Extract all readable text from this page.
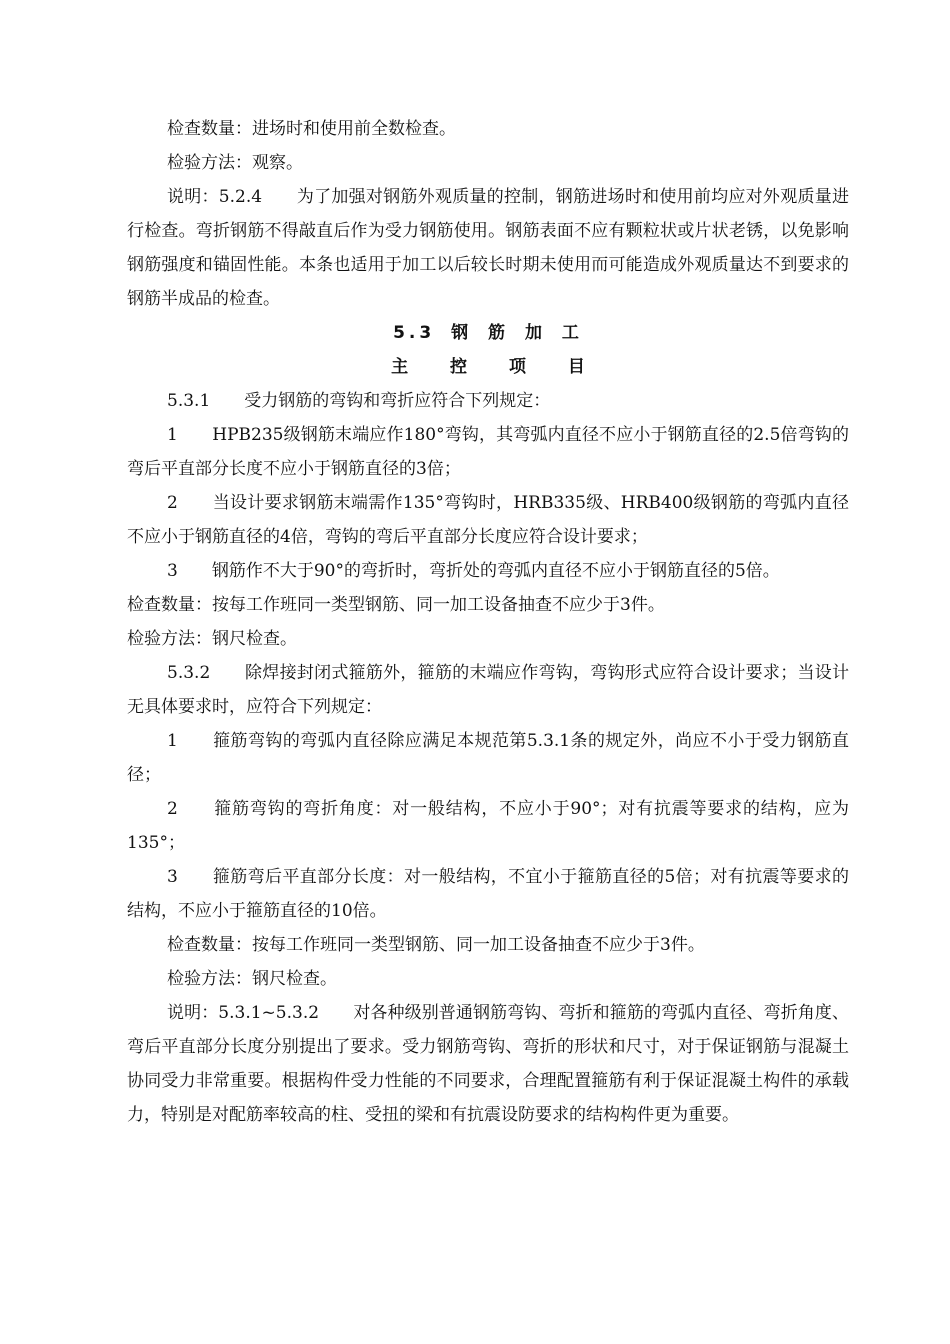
检查数量：进场时和使用前全数检查。

检验方法：观察。

说明：5.2.4　　为了加强对钢筋外观质量的控制，钢筋进场时和使用前均应对外观质量进行检查。弯折钢筋不得敲直后作为受力钢筋使用。钢筋表面不应有颗粒状或片状老锈，以免影响钢筋强度和锚固性能。本条也适用于加工以后较长时期未使用而可能造成外观质量达不到要求的钢筋半成品的检查。

5.3 钢 筋 加 工

主 控 项 目

5.3.1　　受力钢筋的弯钩和弯折应符合下列规定：

1　　HPB235级钢筋末端应作180°弯钩，其弯弧内直径不应小于钢筋直径的2.5倍弯钩的弯后平直部分长度不应小于钢筋直径的3倍；

2　　当设计要求钢筋末端需作135°弯钩时，HRB335级、HRB400级钢筋的弯弧内直径不应小于钢筋直径的4倍，弯钩的弯后平直部分长度应符合设计要求；

3　　钢筋作不大于90°的弯折时，弯折处的弯弧内直径不应小于钢筋直径的5倍。

检查数量：按每工作班同一类型钢筋、同一加工设备抽查不应少于3件。

检验方法：钢尺检查。

5.3.2　　除焊接封闭式箍筋外，箍筋的末端应作弯钩，弯钩形式应符合设计要求；当设计无具体要求时，应符合下列规定：

1　　箍筋弯钩的弯弧内直径除应满足本规范第5.3.1条的规定外，尚应不小于受力钢筋直径；

2　　箍筋弯钩的弯折角度：对一般结构，不应小于90°；对有抗震等要求的结构，应为135°；

3　　箍筋弯后平直部分长度：对一般结构，不宜小于箍筋直径的5倍；对有抗震等要求的结构，不应小于箍筋直径的10倍。

检查数量：按每工作班同一类型钢筋、同一加工设备抽查不应少于3件。

检验方法：钢尺检查。

说明：5.3.1~5.3.2　　对各种级别普通钢筋弯钩、弯折和箍筋的弯弧内直径、弯折角度、弯后平直部分长度分别提出了要求。受力钢筋弯钩、弯折的形状和尺寸，对于保证钢筋与混凝土协同受力非常重要。根据构件受力性能的不同要求，合理配置箍筋有利于保证混凝土构件的承载力，特别是对配筋率较高的柱、受扭的梁和有抗震设防要求的结构构件更为重要。
